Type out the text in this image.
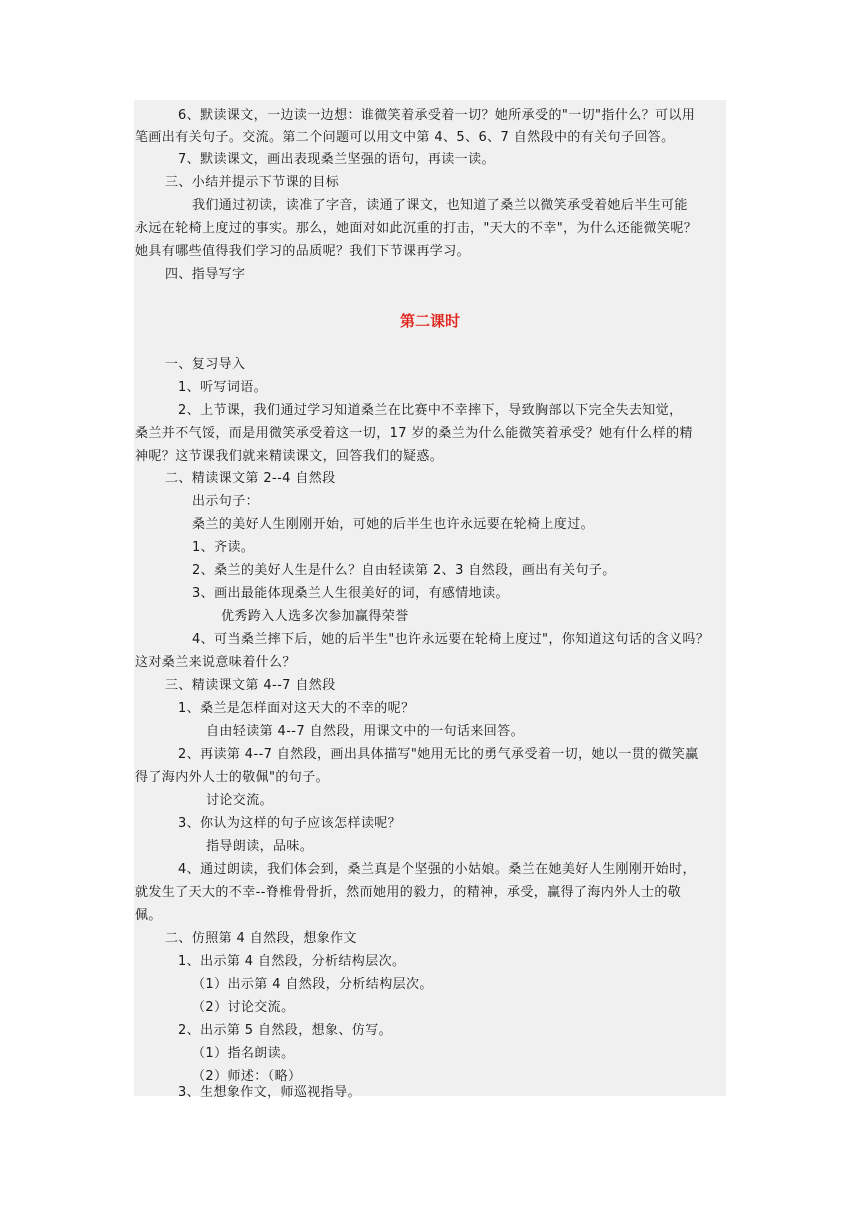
6、默读课文，一边读一边想：谁微笑着承受着一切？她所承受的"一切"指什么？可以用
笔画出有关句子。交流。第二个问题可以用文中第 4、5、6、7 自然段中的有关句子回答。
7、默读课文，画出表现桑兰坚强的语句，再读一读。
三、小结并提示下节课的目标
我们通过初读，读准了字音，读通了课文，也知道了桑兰以微笑承受着她后半生可能
永远在轮椅上度过的事实。那么，她面对如此沉重的打击，"天大的不幸"，为什么还能微笑呢？
她具有哪些值得我们学习的品质呢？我们下节课再学习。
四、指导写字
第二课时
一、复习导入
1、听写词语。
2、上节课，我们通过学习知道桑兰在比赛中不幸摔下，导致胸部以下完全失去知觉，
桑兰并不气馁，而是用微笑承受着这一切，17 岁的桑兰为什么能微笑着承受？她有什么样的精
神呢？这节课我们就来精读课文，回答我们的疑惑。
二、精读课文第 2--4 自然段
出示句子：
桑兰的美好人生刚刚开始，可她的后半生也许永远要在轮椅上度过。
1、齐读。
2、桑兰的美好人生是什么？自由轻读第 2、3 自然段，画出有关句子。
3、画出最能体现桑兰人生很美好的词，有感情地读。
优秀跨入人选多次参加赢得荣誉
4、可当桑兰摔下后，她的后半生"也许永远要在轮椅上度过"，你知道这句话的含义吗？
这对桑兰来说意味着什么？
三、精读课文第 4--7 自然段
1、桑兰是怎样面对这天大的不幸的呢？
自由轻读第 4--7 自然段，用课文中的一句话来回答。
2、再读第 4--7 自然段，画出具体描写"她用无比的勇气承受着一切，她以一贯的微笑赢
得了海内外人士的敬佩"的句子。
讨论交流。
3、你认为这样的句子应该怎样读呢？
指导朗读，品味。
4、通过朗读，我们体会到，桑兰真是个坚强的小姑娘。桑兰在她美好人生刚刚开始时，
就发生了天大的不幸--脊椎骨骨折，然而她用的毅力，的精神，承受，赢得了海内外人士的敬
佩。
二、仿照第 4 自然段，想象作文
1、出示第 4 自然段，分析结构层次。
（1）出示第 4 自然段，分析结构层次。
（2）讨论交流。
2、出示第 5 自然段，想象、仿写。
（1）指名朗读。
（2）师述：（略）
3、生想象作文，师巡视指导。
